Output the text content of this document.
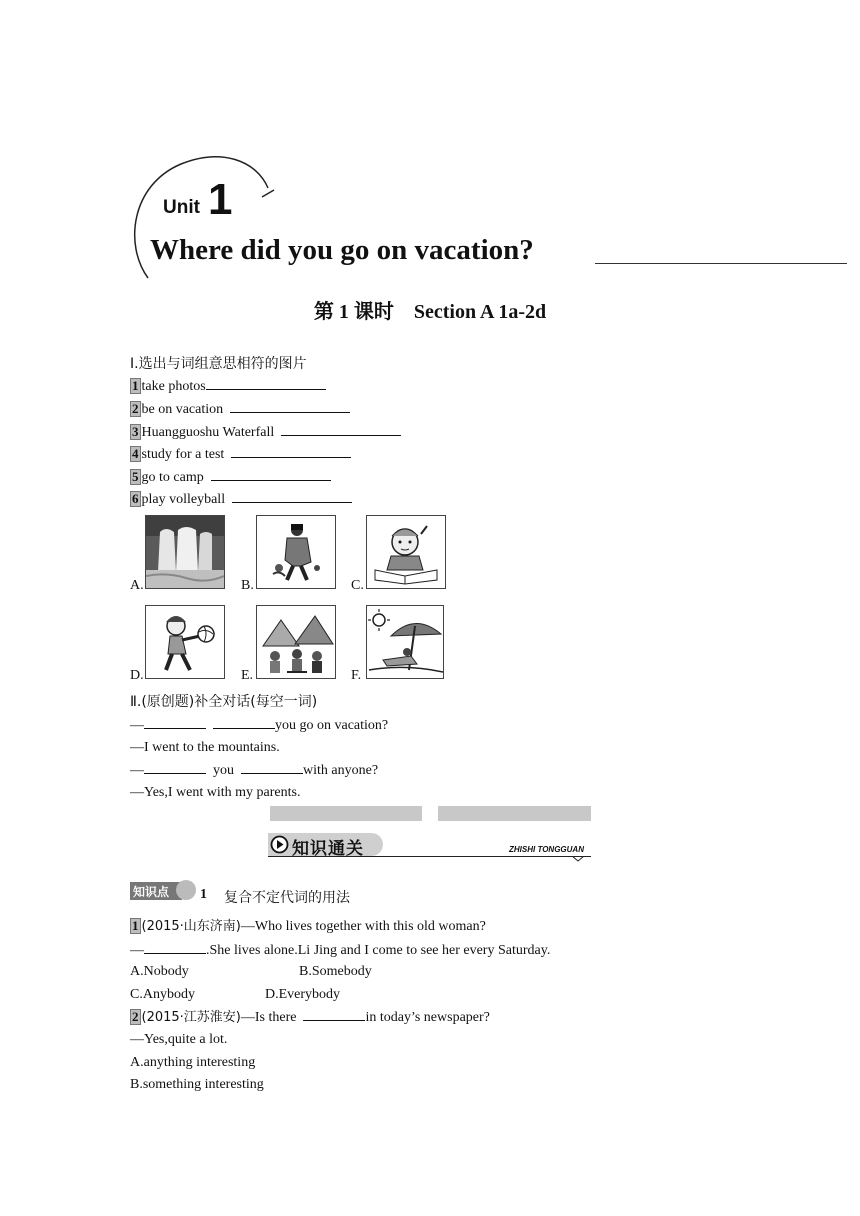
Unit 1
Where did you go on vacation?
第 1 课时　Section A 1a-2d
Ⅰ.选出与词组意思相符的图片
1 take photos
2 be on vacation
3 Huangguoshu Waterfall
4 study for a test
5 go to camp
6 play volleyball
A.	B.	C.
D.	E.	F.
Ⅱ.(原创题)补全对话(每空一词)
—	you go on vacation?
—I went to the mountains.
—	you	with anyone?
—Yes,I went with my parents.
知识通关	ZHISHI TONGGUAN
知识点 1 复合不定代词的用法
1 (2015·山东济南)—Who lives together with this old woman?
—	.She lives alone.Li Jing and I come to see her every Saturday.
A.Nobody	B.Somebody
C.Anybody	D.Everybody
2 (2015·江苏淮安)—Is there	in today’s newspaper?
—Yes,quite a lot.
A.anything interesting
B.something interesting
